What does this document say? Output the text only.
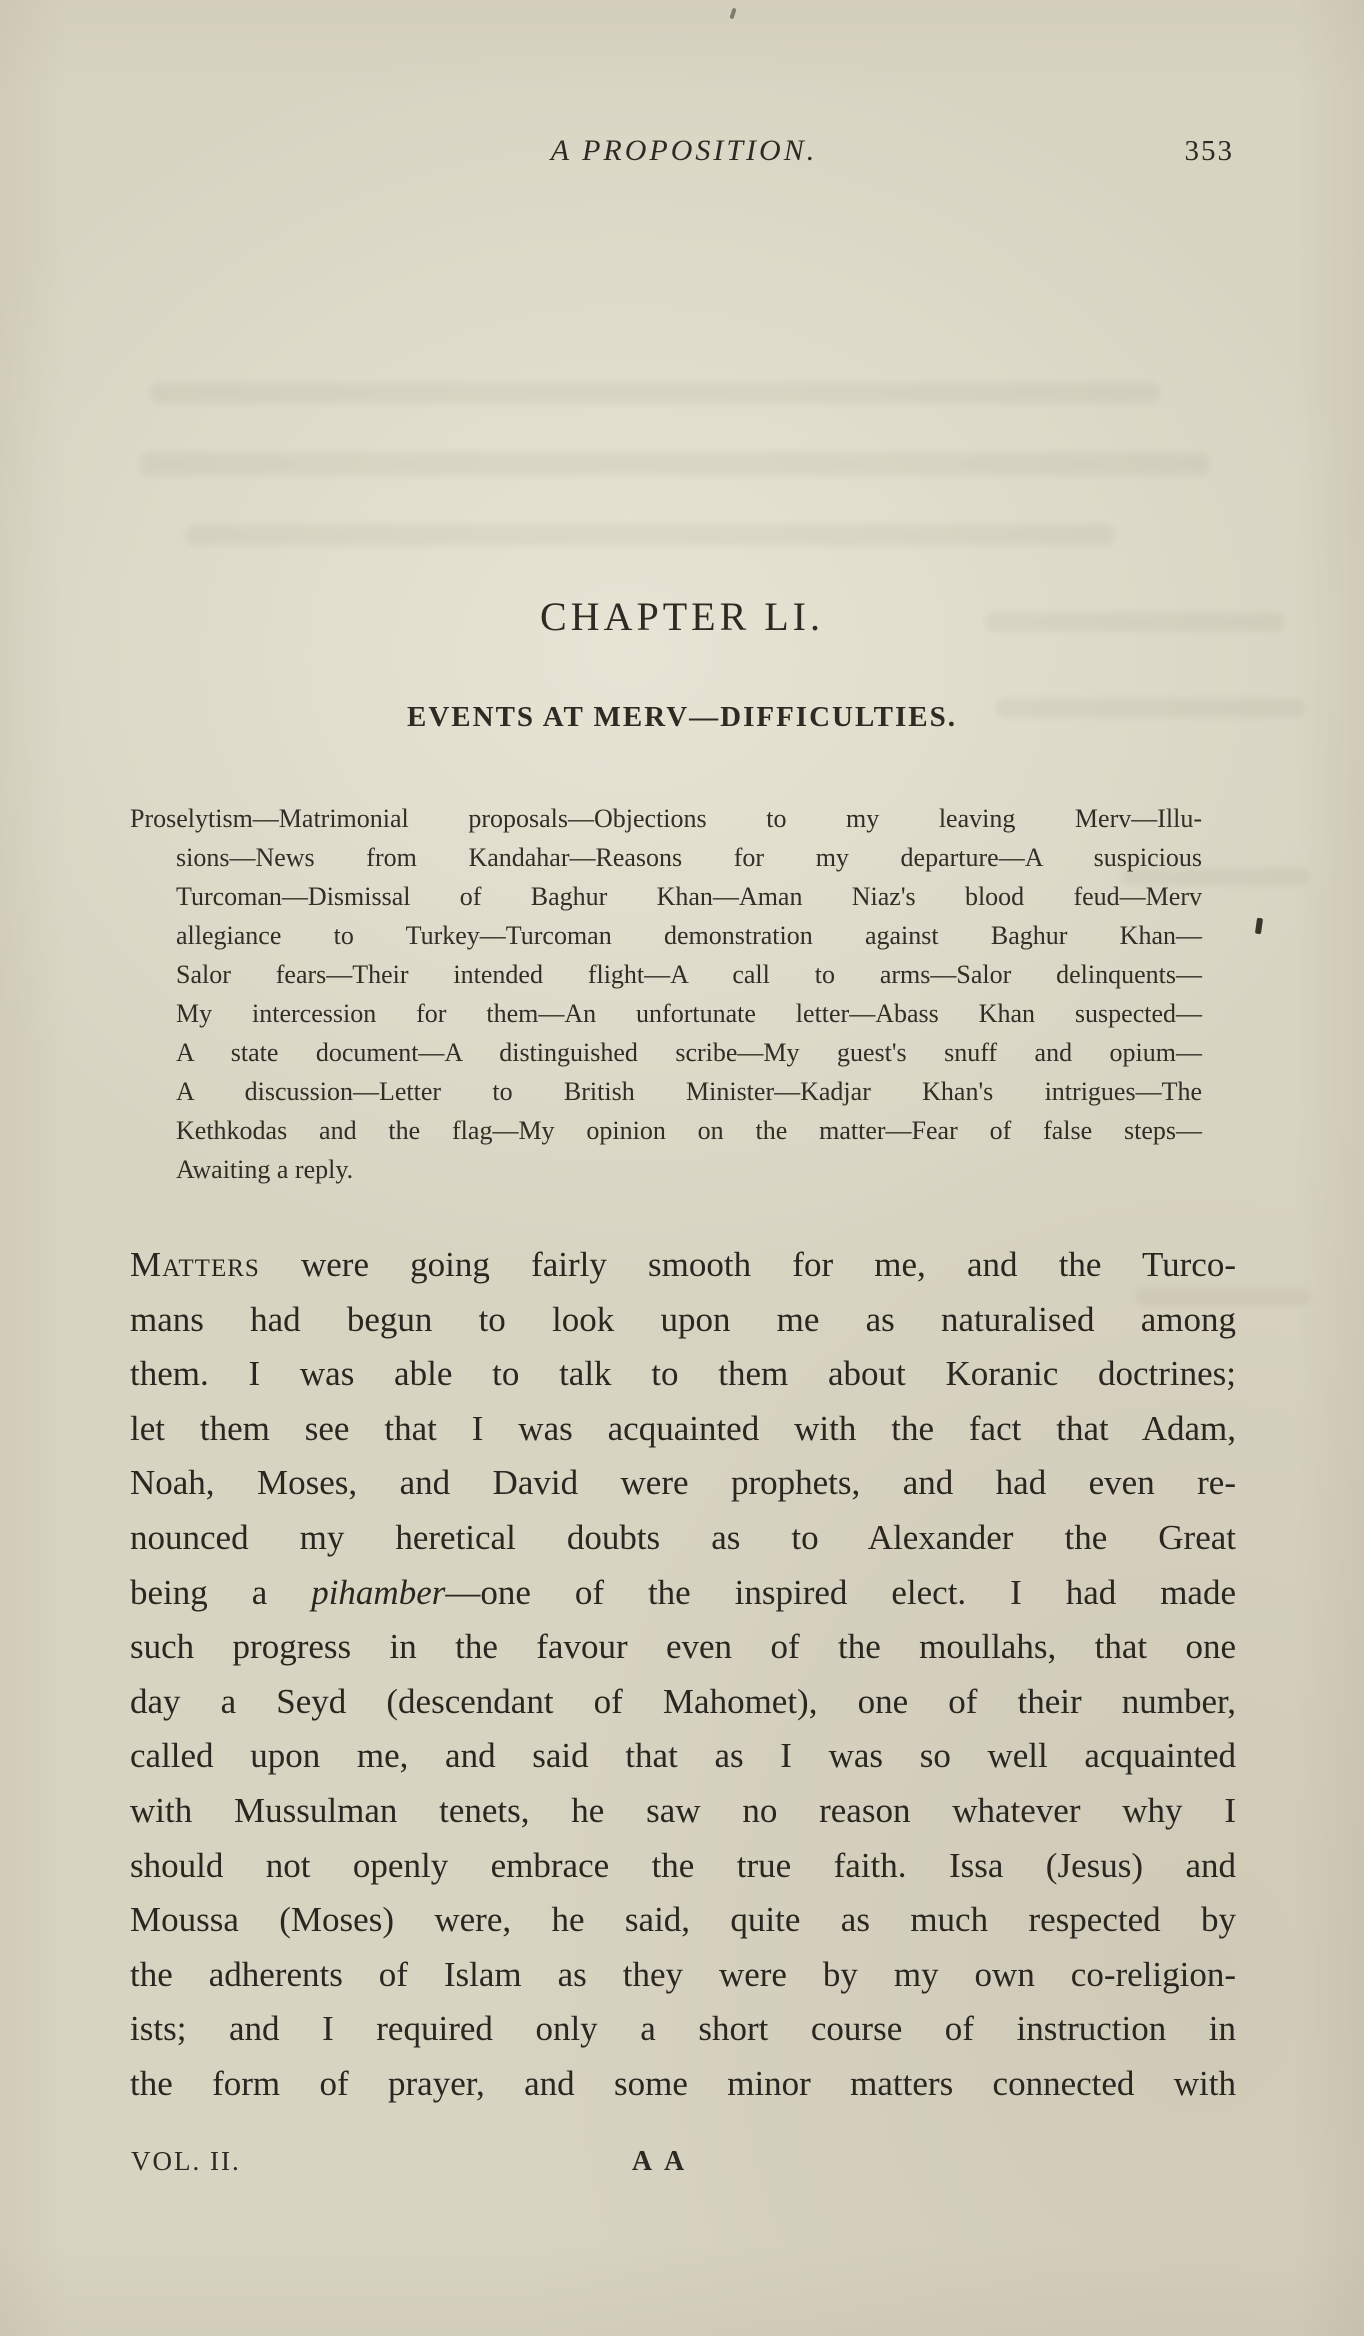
A PROPOSITION.	353
CHAPTER LI.
EVENTS AT MERV—DIFFICULTIES.
Proselytism—Matrimonial proposals—Objections to my leaving Merv—Illu-
sions—News from Kandahar—Reasons for my departure—A suspicious
Turcoman—Dismissal of Baghur Khan—Aman Niaz's blood feud—Merv
allegiance to Turkey—Turcoman demonstration against Baghur Khan—
Salor fears—Their intended flight—A call to arms—Salor delinquents—
My intercession for them—An unfortunate letter—Abass Khan suspected—
A state document—A distinguished scribe—My guest's snuff and opium—
A discussion—Letter to British Minister—Kadjar Khan's intrigues—The
Kethkodas and the flag—My opinion on the matter—Fear of false steps—
Awaiting a reply.
Matters were going fairly smooth for me, and the Turco-
mans had begun to look upon me as naturalised among
them. I was able to talk to them about Koranic doctrines;
let them see that I was acquainted with the fact that Adam,
Noah, Moses, and David were prophets, and had even re-
nounced my heretical doubts as to Alexander the Great
being a pihamber—one of the inspired elect. I had made
such progress in the favour even of the moullahs, that one
day a Seyd (descendant of Mahomet), one of their number,
called upon me, and said that as I was so well acquainted
with Mussulman tenets, he saw no reason whatever why I
should not openly embrace the true faith. Issa (Jesus) and
Moussa (Moses) were, he said, quite as much respected by
the adherents of Islam as they were by my own co-religion-
ists; and I required only a short course of instruction in
the form of prayer, and some minor matters connected with
VOL. II.	A A
